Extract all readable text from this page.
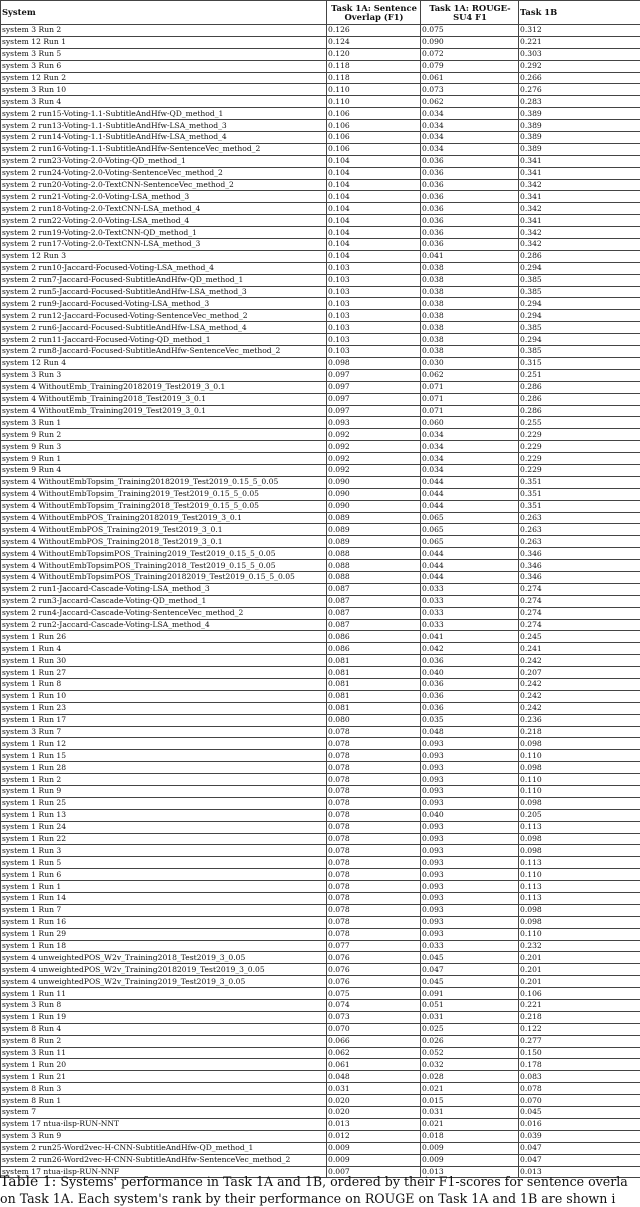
System	Task 1A: Sentence Overlap (F1)	Task 1A: ROUGE-SU4 F1	Task 1B
system 3 Run 2	0.126	0.075	0.312
system 12 Run 1	0.124	0.090	0.221
system 3 Run 5	0.120	0.072	0.303
system 3 Run 6	0.118	0.079	0.292
system 12 Run 2	0.118	0.061	0.266
system 3 Run 10	0.110	0.073	0.276
system 3 Run 4	0.110	0.062	0.283
system 2 run15-Voting-1.1-SubtitleAndHfw-QD_method_1	0.106	0.034	0.389
system 2 run13-Voting-1.1-SubtitleAndHfw-LSA_method_3	0.106	0.034	0.389
system 2 run14-Voting-1.1-SubtitleAndHfw-LSA_method_4	0.106	0.034	0.389
system 2 run16-Voting-1.1-SubtitleAndHfw-SentenceVec_method_2	0.106	0.034	0.389
system 2 run23-Voting-2.0-Voting-QD_method_1	0.104	0.036	0.341
system 2 run24-Voting-2.0-Voting-SentenceVec_method_2	0.104	0.036	0.341
system 2 run20-Voting-2.0-TextCNN-SentenceVec_method_2	0.104	0.036	0.342
system 2 run21-Voting-2.0-Voting-LSA_method_3	0.104	0.036	0.341
system 2 run18-Voting-2.0-TextCNN-LSA_method_4	0.104	0.036	0.342
system 2 run22-Voting-2.0-Voting-LSA_method_4	0.104	0.036	0.341
system 2 run19-Voting-2.0-TextCNN-QD_method_1	0.104	0.036	0.342
system 2 run17-Voting-2.0-TextCNN-LSA_method_3	0.104	0.036	0.342
system 12 Run 3	0.104	0.041	0.286
system 2 run10-Jaccard-Focused-Voting-LSA_method_4	0.103	0.038	0.294
system 2 run7-Jaccard-Focused-SubtitleAndHfw-QD_method_1	0.103	0.038	0.385
system 2 run5-Jaccard-Focused-SubtitleAndHfw-LSA_method_3	0.103	0.038	0.385
system 2 run9-Jaccard-Focused-Voting-LSA_method_3	0.103	0.038	0.294
system 2 run12-Jaccard-Focused-Voting-SentenceVec_method_2	0.103	0.038	0.294
system 2 run6-Jaccard-Focused-SubtitleAndHfw-LSA_method_4	0.103	0.038	0.385
system 2 run11-Jaccard-Focused-Voting-QD_method_1	0.103	0.038	0.294
system 2 run8-Jaccard-Focused-SubtitleAndHfw-SentenceVec_method_2	0.103	0.038	0.385
system 12 Run 4	0.098	0.030	0.315
system 3 Run 3	0.097	0.062	0.251
system 4 WithoutEmb_Training20182019_Test2019_3_0.1	0.097	0.071	0.286
system 4 WithoutEmb_Training2018_Test2019_3_0.1	0.097	0.071	0.286
system 4 WithoutEmb_Training2019_Test2019_3_0.1	0.097	0.071	0.286
system 3 Run 1	0.093	0.060	0.255
system 9 Run 2	0.092	0.034	0.229
system 9 Run 3	0.092	0.034	0.229
system 9 Run 1	0.092	0.034	0.229
system 9 Run 4	0.092	0.034	0.229
system 4 WithoutEmbTopsim_Training20182019_Test2019_0.15_5_0.05	0.090	0.044	0.351
system 4 WithoutEmbTopsim_Training2019_Test2019_0.15_5_0.05	0.090	0.044	0.351
system 4 WithoutEmbTopsim_Training2018_Test2019_0.15_5_0.05	0.090	0.044	0.351
system 4 WithoutEmbPOS_Training20182019_Test2019_3_0.1	0.089	0.065	0.263
system 4 WithoutEmbPOS_Training2019_Test2019_3_0.1	0.089	0.065	0.263
system 4 WithoutEmbPOS_Training2018_Test2019_3_0.1	0.089	0.065	0.263
system 4 WithoutEmbTopsimPOS_Training2019_Test2019_0.15_5_0.05	0.088	0.044	0.346
system 4 WithoutEmbTopsimPOS_Training2018_Test2019_0.15_5_0.05	0.088	0.044	0.346
system 4 WithoutEmbTopsimPOS_Training20182019_Test2019_0.15_5_0.05	0.088	0.044	0.346
system 2 run1-Jaccard-Cascade-Voting-LSA_method_3	0.087	0.033	0.274
system 2 run3-Jaccard-Cascade-Voting-QD_method_1	0.087	0.033	0.274
system 2 run4-Jaccard-Cascade-Voting-SentenceVec_method_2	0.087	0.033	0.274
system 2 run2-Jaccard-Cascade-Voting-LSA_method_4	0.087	0.033	0.274
system 1 Run 26	0.086	0.041	0.245
system 1 Run 4	0.086	0.042	0.241
system 1 Run 30	0.081	0.036	0.242
system 1 Run 27	0.081	0.040	0.207
system 1 Run 8	0.081	0.036	0.242
system 1 Run 10	0.081	0.036	0.242
system 1 Run 23	0.081	0.036	0.242
system 1 Run 17	0.080	0.035	0.236
system 3 Run 7	0.078	0.048	0.218
system 1 Run 12	0.078	0.093	0.098
system 1 Run 15	0.078	0.093	0.110
system 1 Run 28	0.078	0.093	0.098
system 1 Run 2	0.078	0.093	0.110
system 1 Run 9	0.078	0.093	0.110
system 1 Run 25	0.078	0.093	0.098
system 1 Run 13	0.078	0.040	0.205
system 1 Run 24	0.078	0.093	0.113
system 1 Run 22	0.078	0.093	0.098
system 1 Run 3	0.078	0.093	0.098
system 1 Run 5	0.078	0.093	0.113
system 1 Run 6	0.078	0.093	0.110
system 1 Run 1	0.078	0.093	0.113
system 1 Run 14	0.078	0.093	0.113
system 1 Run 7	0.078	0.093	0.098
system 1 Run 16	0.078	0.093	0.098
system 1 Run 29	0.078	0.093	0.110
system 1 Run 18	0.077	0.033	0.232
system 4 unweightedPOS_W2v_Training2018_Test2019_3_0.05	0.076	0.045	0.201
system 4 unweightedPOS_W2v_Training20182019_Test2019_3_0.05	0.076	0.047	0.201
system 4 unweightedPOS_W2v_Training2019_Test2019_3_0.05	0.076	0.045	0.201
system 1 Run 11	0.075	0.091	0.106
system 3 Run 8	0.074	0.051	0.221
system 1 Run 19	0.073	0.031	0.218
system 8 Run 4	0.070	0.025	0.122
system 8 Run 2	0.066	0.026	0.277
system 3 Run 11	0.062	0.052	0.150
system 1 Run 20	0.061	0.032	0.178
system 1 Run 21	0.048	0.028	0.083
system 8 Run 3	0.031	0.021	0.078
system 8 Run 1	0.020	0.015	0.070
system 7	0.020	0.031	0.045
system 17 ntua-ilsp-RUN-NNT	0.013	0.021	0.016
system 3 Run 9	0.012	0.018	0.039
system 2 run25-Word2vec-H-CNN-SubtitleAndHfw-QD_method_1	0.009	0.009	0.047
system 2 run26-Word2vec-H-CNN-SubtitleAndHfw-SentenceVec_method_2	0.009	0.009	0.047
system 17 ntua-ilsp-RUN-NNF	0.007	0.013	0.013
Table 1: Systems' performance in Task 1A and 1B, ordered by their F1-scores for sentence overla
on Task 1A. Each system's rank by their performance on ROUGE on Task 1A and 1B are shown i
